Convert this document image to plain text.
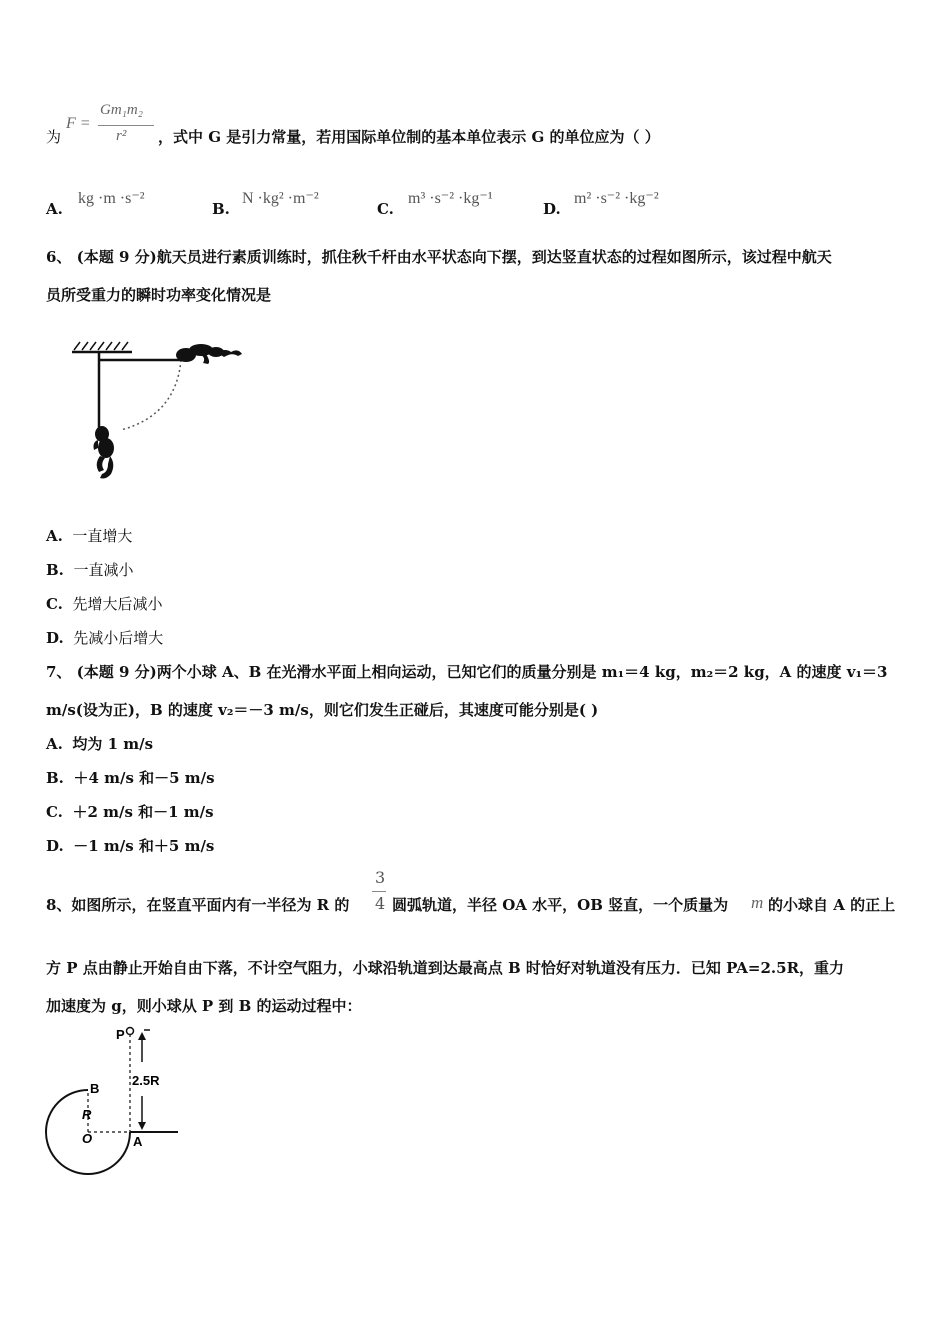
为
F =
Gm₁m₂
r² ，式中 G 是引力常量，若用国际单位制的基本单位表示 G 的单位应为（ ）
A.
kg ·m ·s⁻²
B.
N ·kg² ·m⁻²
C.
m³ ·s⁻² ·kg⁻¹
D.
m² ·s⁻² ·kg⁻²
6、 (本题 9 分)航天员进行素质训练时，抓住秋千杆由水平状态向下摆，到达竖直状态的过程如图所示，该过程中航天
员所受重力的瞬时功率变化情况是
A. 一直增大
B. 一直减小
C. 先增大后减小
D. 先减小后增大
7、 (本题 9 分)两个小球 A、B 在光滑水平面上相向运动，已知它们的质量分别是 m₁＝4 kg，m₂＝2 kg，A 的速度 v₁＝3
m/s(设为正)，B 的速度 v₂＝－3 m/s，则它们发生正碰后，其速度可能分别是( )
A. 均为 1 m/s
B. ＋4 m/s 和－5 m/s
C. ＋2 m/s 和－1 m/s
D. －1 m/s 和＋5 m/s
8、如图所示，在竖直平面内有一半径为 R 的
3
4 圆弧轨道，半径 OA 水平，OB 竖直，一个质量为 m 的小球自 A 的正上
方 P 点由静止开始自由下落，不计空气阻力，小球沿轨道到达最高点 B 时恰好对轨道没有压力．已知 PA=2.5R，重力
加速度为 g，则小球从 P 到 B 的运动过程中：
P
B
R
O	A
2.5R
